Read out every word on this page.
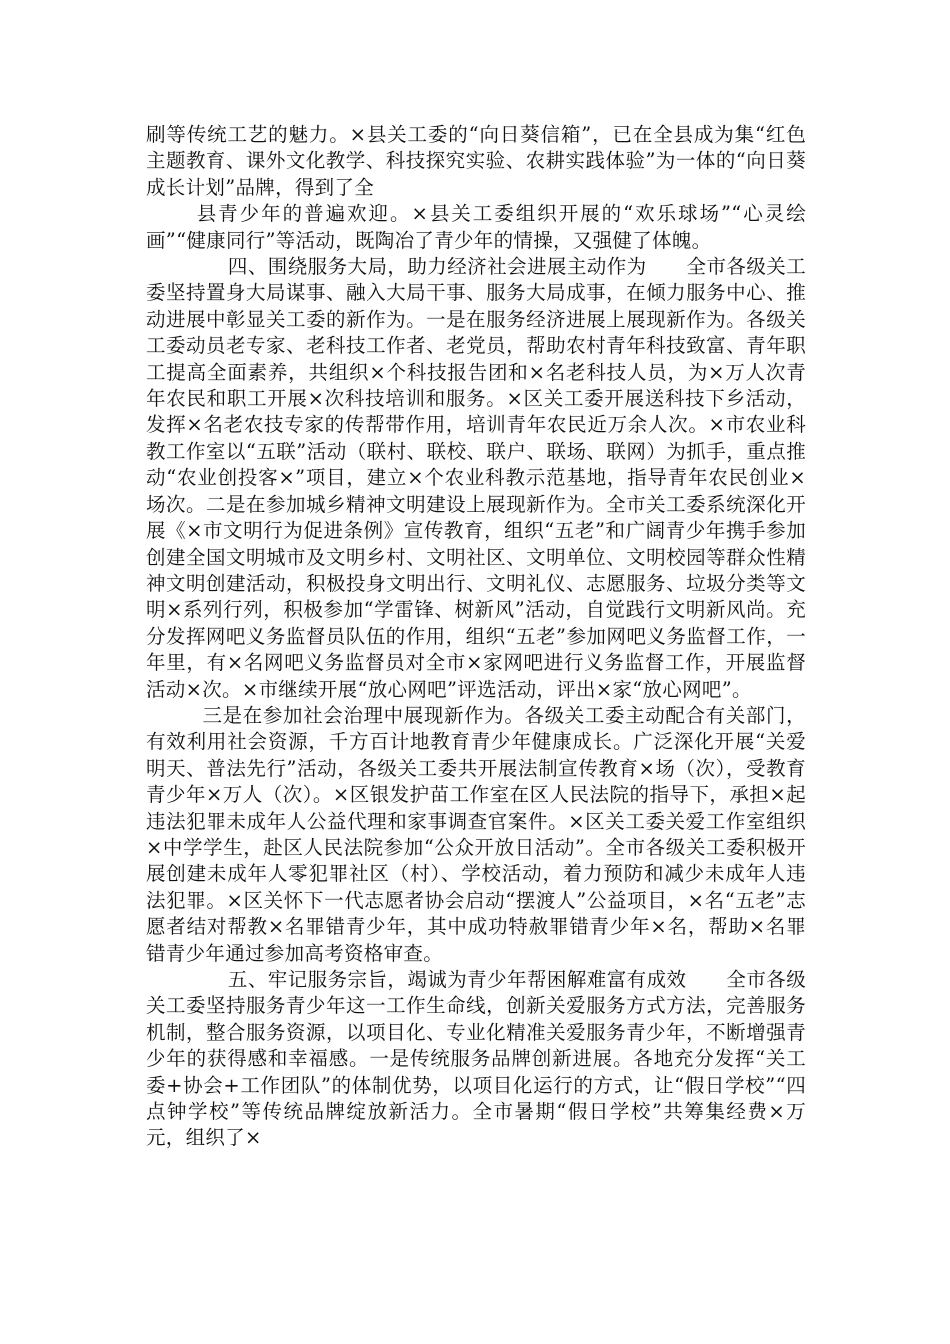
刷等传统工艺的魅力。×县关工委的“向日葵信箱”，已在全县成为集“红色主题教育、课外文化教学、科技探究实验、农耕实践体验”为一体的“向日葵成长计划”品牌，得到了全

县青少年的普遍欢迎。×县关工委组织开展的“欢乐球场”“心灵绘画”“健康同行”等活动，既陶冶了青少年的情操，又强健了体魄。

四、围绕服务大局，助力经济社会进展主动作为　　全市各级关工委坚持置身大局谋事、融入大局干事、服务大局成事，在倾力服务中心、推动进展中彰显关工委的新作为。一是在服务经济进展上展现新作为。各级关工委动员老专家、老科技工作者、老党员，帮助农村青年科技致富、青年职工提高全面素养，共组织×个科技报告团和×名老科技人员，为×万人次青年农民和职工开展×次科技培训和服务。×区关工委开展送科技下乡活动，发挥×名老农技专家的传帮带作用，培训青年农民近万余人次。×市农业科教工作室以“五联”活动（联村、联校、联户、联场、联网）为抓手，重点推动“农业创投客×”项目，建立×个农业科教示范基地，指导青年农民创业×场次。二是在参加城乡精神文明建设上展现新作为。全市关工委系统深化开展《×市文明行为促进条例》宣传教育，组织“五老”和广阔青少年携手参加创建全国文明城市及文明乡村、文明社区、文明单位、文明校园等群众性精神文明创建活动，积极投身文明出行、文明礼仪、志愿服务、垃圾分类等文明×系列行列，积极参加“学雷锋、树新风”活动，自觉践行文明新风尚。充分发挥网吧义务监督员队伍的作用，组织“五老”参加网吧义务监督工作，一年里，有×名网吧义务监督员对全市×家网吧进行义务监督工作，开展监督活动×次。×市继续开展“放心网吧”评选活动，评出×家“放心网吧”。

三是在参加社会治理中展现新作为。各级关工委主动配合有关部门，有效利用社会资源，千方百计地教育青少年健康成长。广泛深化开展“关爱明天、普法先行”活动，各级关工委共开展法制宣传教育×场（次），受教育青少年×万人（次）。×区银发护苗工作室在区人民法院的指导下，承担×起违法犯罪未成年人公益代理和家事调查官案件。×区关工委关爱工作室组织×中学学生，赴区人民法院参加“公众开放日活动”。全市各级关工委积极开展创建未成年人零犯罪社区（村）、学校活动，着力预防和减少未成年人违法犯罪。×区关怀下一代志愿者协会启动“摆渡人”公益项目，×名“五老”志愿者结对帮教×名罪错青少年，其中成功特赦罪错青少年×名，帮助×名罪错青少年通过参加高考资格审查。

五、牢记服务宗旨，竭诚为青少年帮困解难富有成效　　全市各级关工委坚持服务青少年这一工作生命线，创新关爱服务方式方法，完善服务机制，整合服务资源，以项目化、专业化精准关爱服务青少年，不断增强青少年的获得感和幸福感。一是传统服务品牌创新进展。各地充分发挥“关工委+协会+工作团队”的体制优势，以项目化运行的方式，让“假日学校”“四点钟学校”等传统品牌绽放新活力。全市暑期“假日学校”共筹集经费×万元，组织了×
